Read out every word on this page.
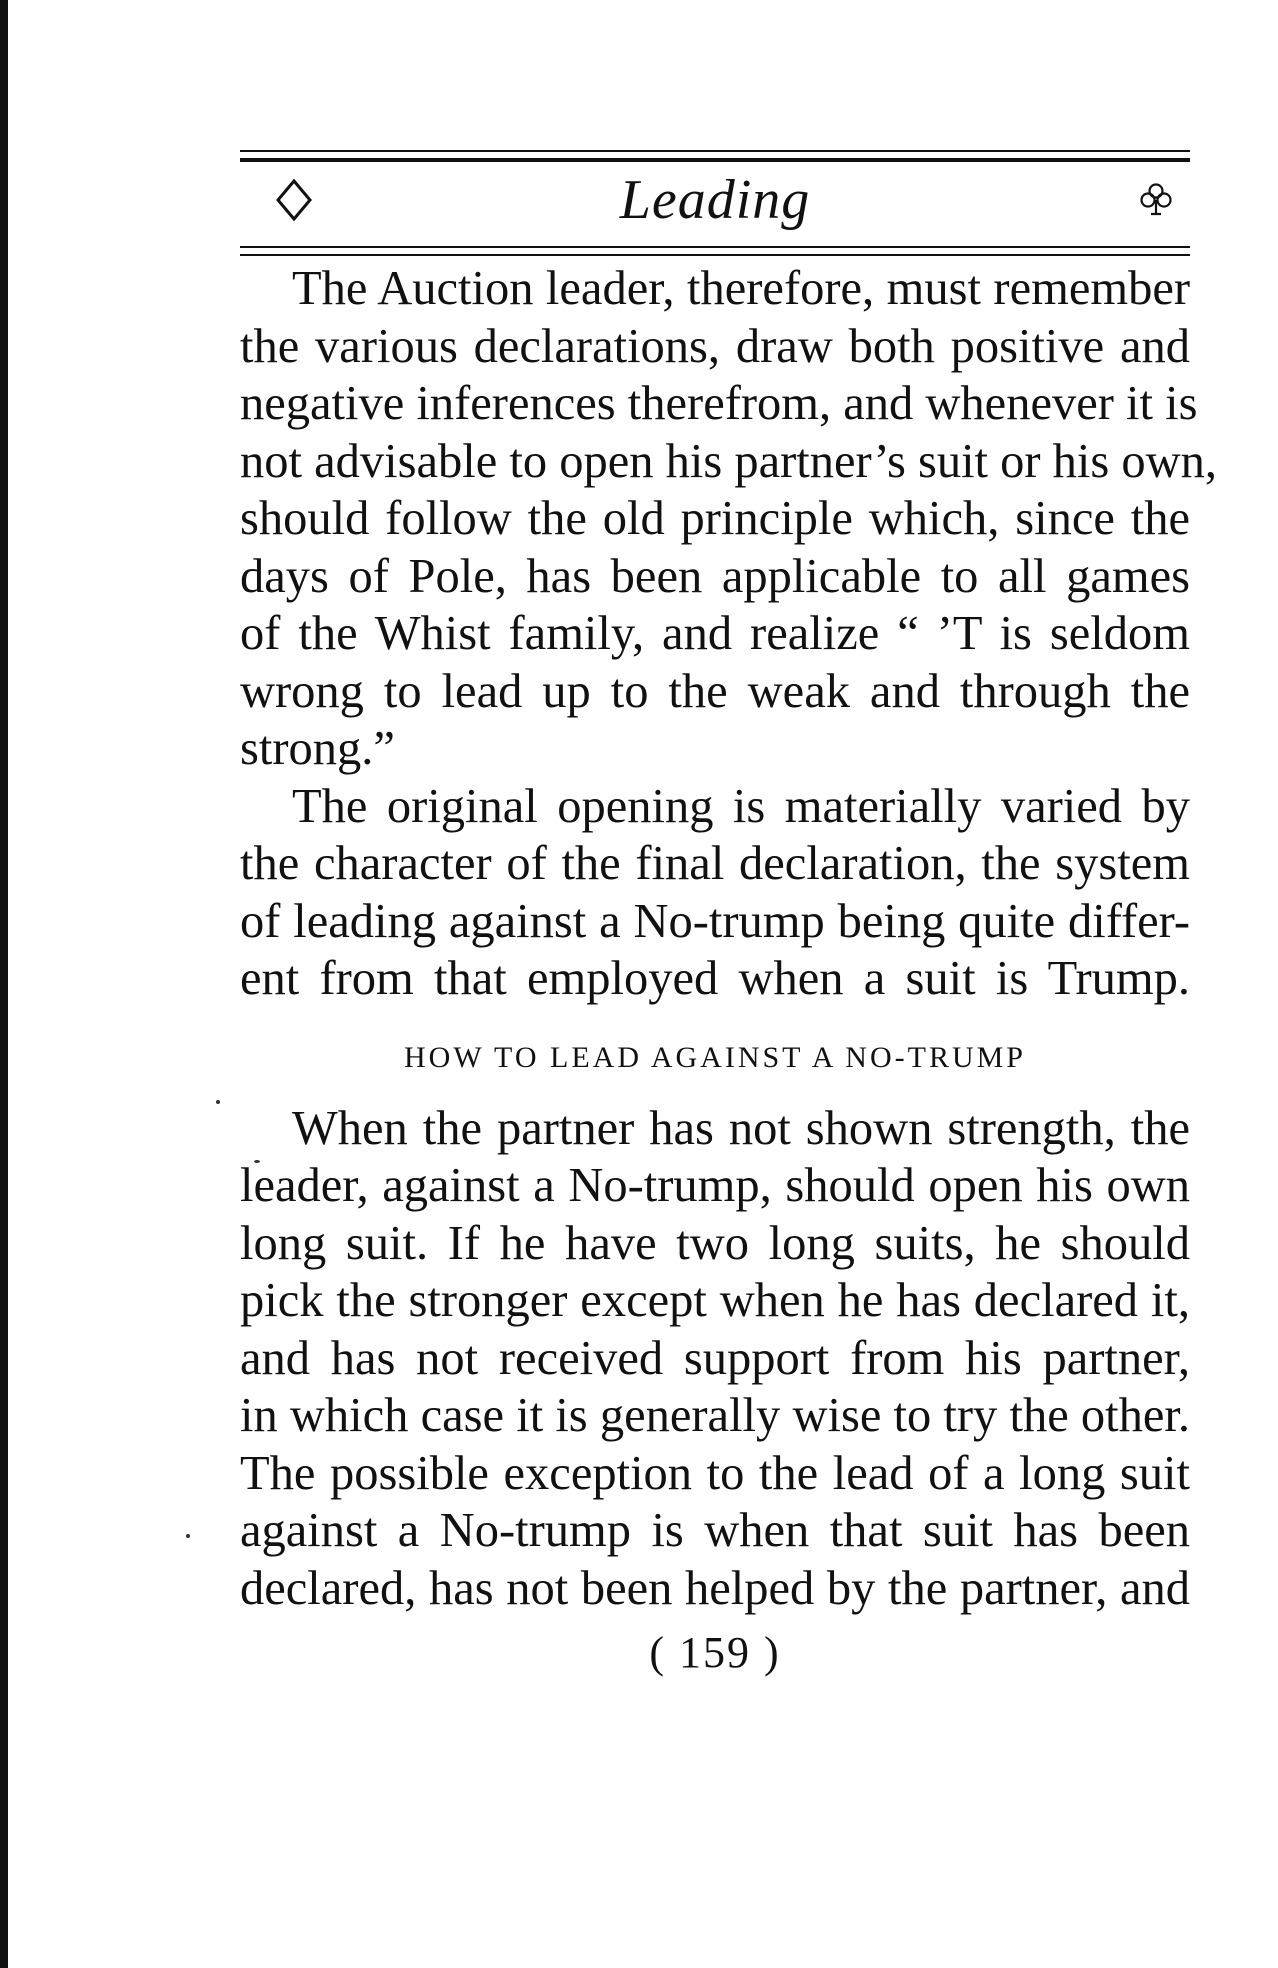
Leading
The Auction leader, therefore, must remember
the various declarations, draw both positive and
negative inferences therefrom, and whenever it is
not advisable to open his partner’s suit or his own,
should follow the old principle which, since the
days of Pole, has been applicable to all games
of the Whist family, and realize “ ’T is seldom
wrong to lead up to the weak and through the
strong.”
The original opening is materially varied by
the character of the final declaration, the system
of leading against a No-trump being quite differ-
ent from that employed when a suit is Trump.
HOW TO LEAD AGAINST A NO-TRUMP
When the partner has not shown strength, the
leader, against a No-trump, should open his own
long suit. If he have two long suits, he should
pick the stronger except when he has declared it,
and has not received support from his partner,
in which case it is generally wise to try the other.
The possible exception to the lead of a long suit
against a No-trump is when that suit has been
declared, has not been helped by the partner, and
( 159 )
